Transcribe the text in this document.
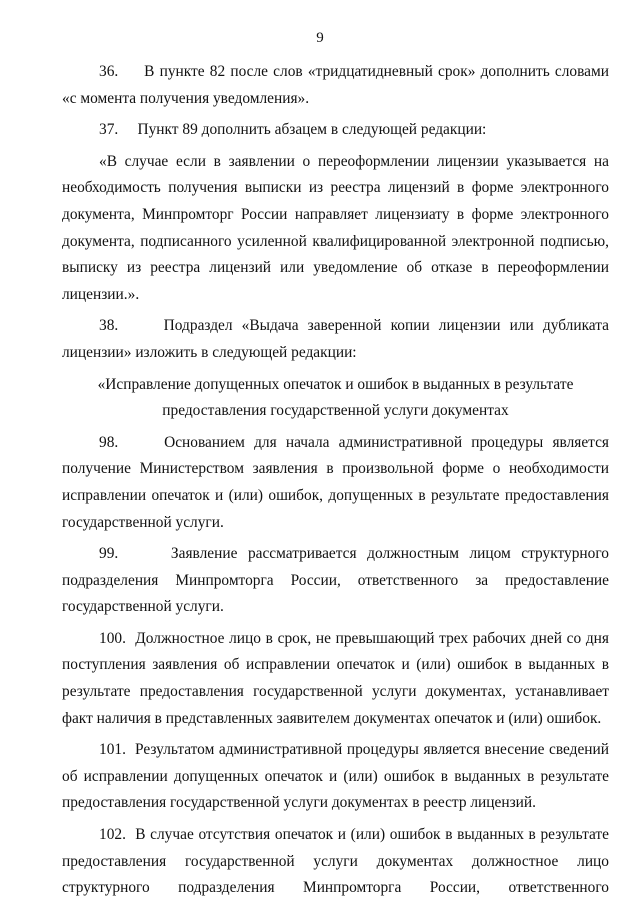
9

36.     В пункте 82 после слов «тридцатидневный срок» дополнить словами «с момента получения уведомления».

37.     Пункт 89 дополнить абзацем в следующей редакции:

«В случае если в заявлении о переоформлении лицензии указывается на необходимость получения выписки из реестра лицензий в форме электронного документа, Минпромторг России направляет лицензиату в форме электронного документа, подписанного усиленной квалифицированной электронной подписью, выписку из реестра лицензий или уведомление об отказе в переоформлении лицензии.».

38.     Подраздел «Выдача заверенной копии лицензии или дубликата лицензии» изложить в следующей редакции:

«Исправление допущенных опечаток и ошибок в выданных в результате предоставления государственной услуги документах

98.     Основанием для начала административной процедуры является получение Министерством заявления в произвольной форме о необходимости исправлении опечаток и (или) ошибок, допущенных в результате предоставления государственной услуги.

99.     Заявление рассматривается должностным лицом структурного подразделения Минпромторга России, ответственного за предоставление государственной услуги.

100.  Должностное лицо в срок, не превышающий трех рабочих дней со дня поступления заявления об исправлении опечаток и (или) ошибок в выданных в результате предоставления государственной услуги документах, устанавливает факт наличия в представленных заявителем документах опечаток и (или) ошибок.

101.  Результатом административной процедуры является внесение сведений об исправлении допущенных опечаток и (или) ошибок в выданных в результате предоставления государственной услуги документах в реестр лицензий.

102.  В случае отсутствия опечаток и (или) ошибок в выданных в результате предоставления государственной услуги документах должностное лицо структурного подразделения Минпромторга России, ответственного
